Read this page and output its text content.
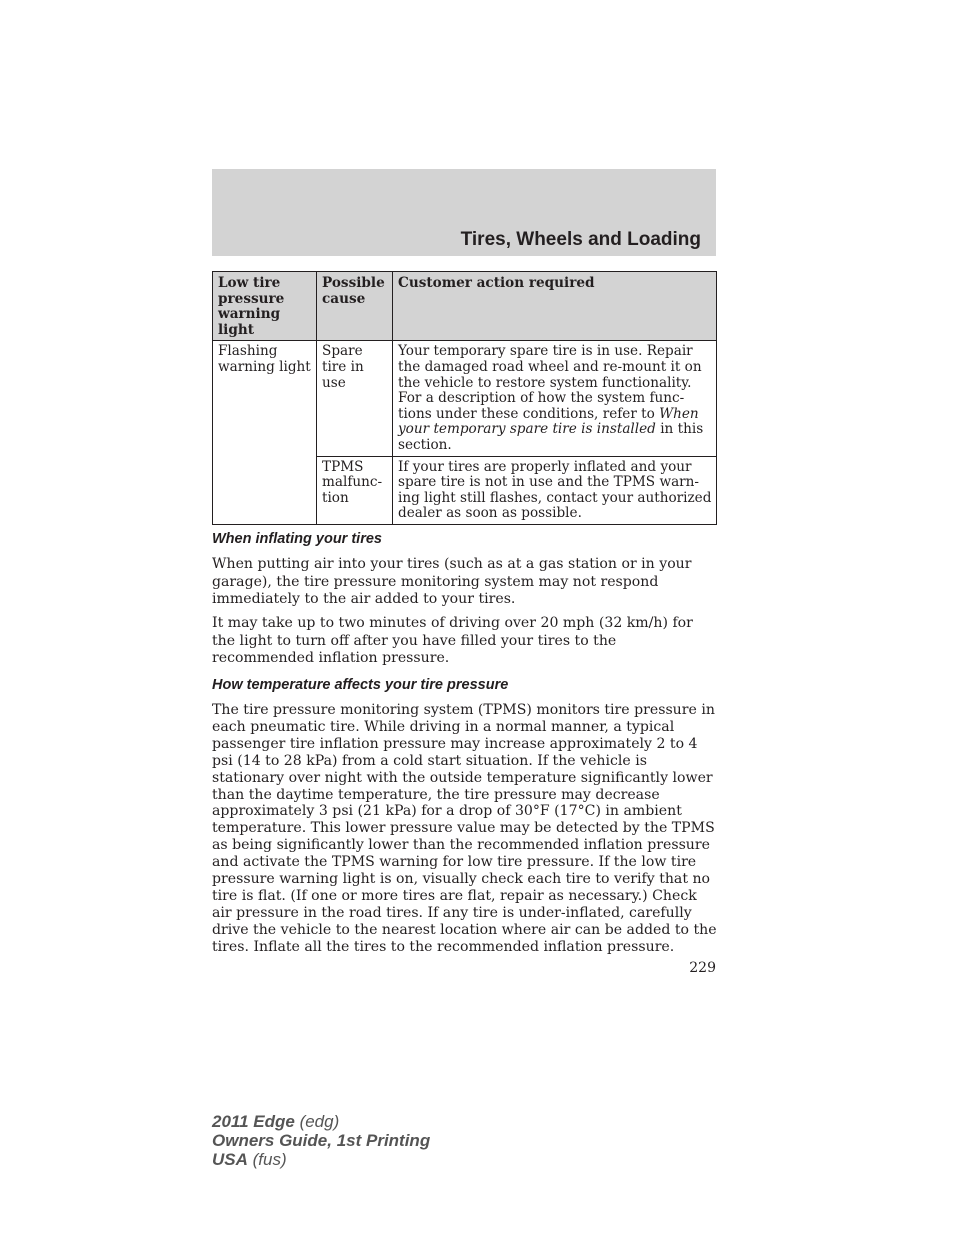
Tires, Wheels and Loading
Low tire pressure warning light	Possible cause	Customer action required
Flashing warning light	Spare tire in use	Your temporary spare tire is in use. Repair the damaged road wheel and re-mount it on the vehicle to restore system functionality. For a description of how the system func-tions under these conditions, refer to When your temporary spare tire is installed in this section.
	TPMS malfunc-tion	If your tires are properly inflated and your spare tire is not in use and the TPMS warn-ing light still flashes, contact your authorized dealer as soon as possible.
When inflating your tires
When putting air into your tires (such as at a gas station or in your garage), the tire pressure monitoring system may not respond immediately to the air added to your tires.
It may take up to two minutes of driving over 20 mph (32 km/h) for the light to turn off after you have filled your tires to the recommended inflation pressure.
How temperature affects your tire pressure
The tire pressure monitoring system (TPMS) monitors tire pressure in each pneumatic tire. While driving in a normal manner, a typical passenger tire inflation pressure may increase approximately 2 to 4 psi (14 to 28 kPa) from a cold start situation. If the vehicle is stationary over night with the outside temperature significantly lower than the daytime temperature, the tire pressure may decrease approximately 3 psi (21 kPa) for a drop of 30°F (17°C) in ambient temperature. This lower pressure value may be detected by the TPMS as being significantly lower than the recommended inflation pressure and activate the TPMS warning for low tire pressure. If the low tire pressure warning light is on, visually check each tire to verify that no tire is flat. (If one or more tires are flat, repair as necessary.) Check air pressure in the road tires. If any tire is under-inflated, carefully drive the vehicle to the nearest location where air can be added to the tires. Inflate all the tires to the recommended inflation pressure.
229
2011 Edge (edg)
Owners Guide, 1st Printing
USA (fus)
